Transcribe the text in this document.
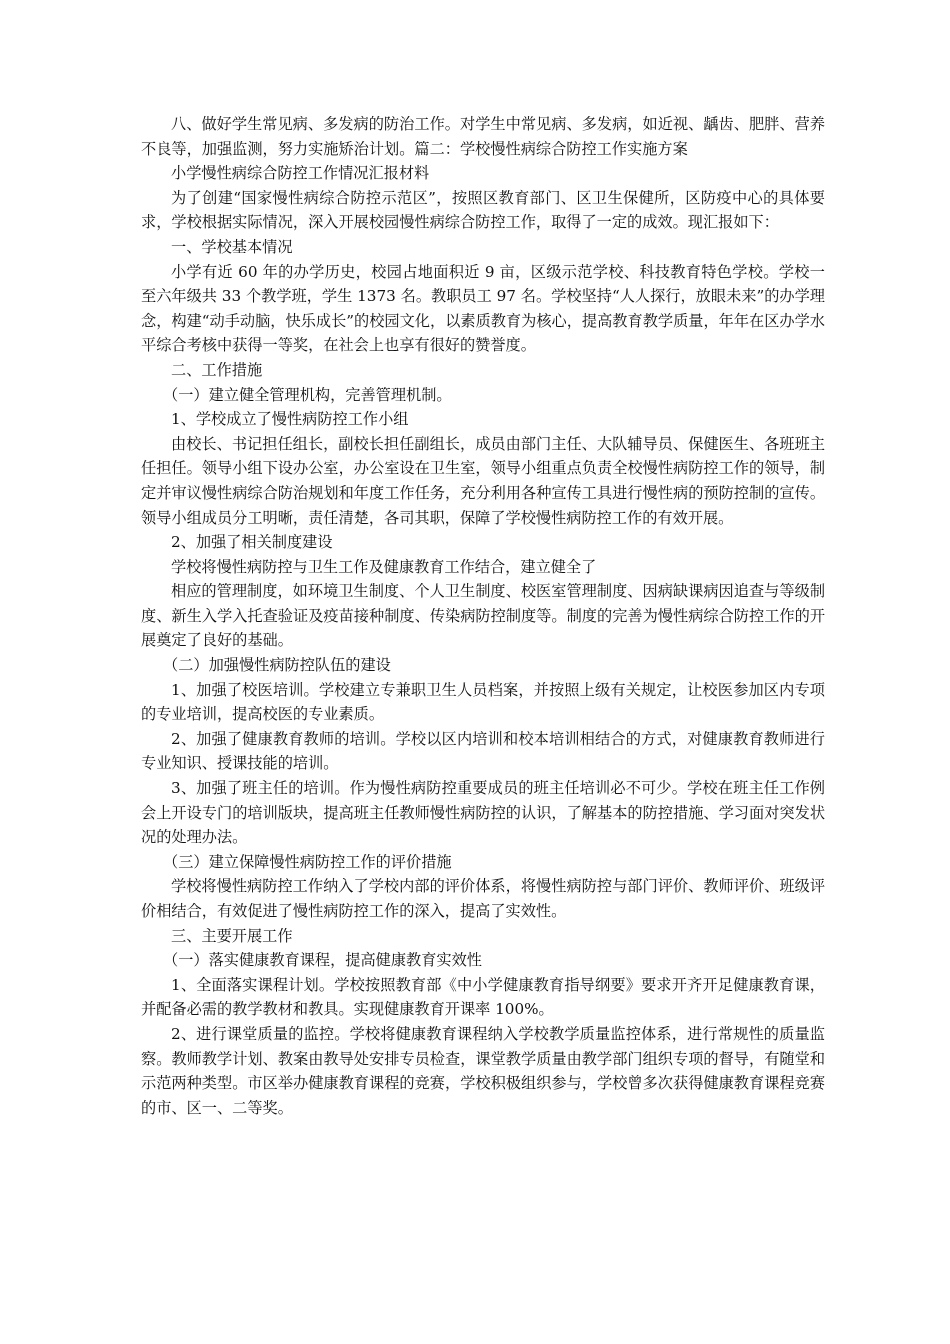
八、做好学生常见病、多发病的防治工作。对学生中常见病、多发病，如近视、龋齿、肥胖、营养不良等，加强监测，努力实施矫治计划。篇二：学校慢性病综合防控工作实施方案

小学慢性病综合防控工作情况汇报材料

为了创建“国家慢性病综合防控示范区”，按照区教育部门、区卫生保健所，区防疫中心的具体要求，学校根据实际情况，深入开展校园慢性病综合防控工作，取得了一定的成效。现汇报如下：

一、学校基本情况

小学有近 60 年的办学历史，校园占地面积近 9 亩，区级示范学校、科技教育特色学校。学校一至六年级共 33 个教学班，学生 1373 名。教职员工 97 名。学校坚持“人人探行，放眼未来”的办学理念，构建“动手动脑，快乐成长”的校园文化，以素质教育为核心，提高教育教学质量，年年在区办学水平综合考核中获得一等奖，在社会上也享有很好的赞誉度。

二、工作措施

（一）建立健全管理机构，完善管理机制。

1、学校成立了慢性病防控工作小组

由校长、书记担任组长，副校长担任副组长，成员由部门主任、大队辅导员、保健医生、各班班主任担任。领导小组下设办公室，办公室设在卫生室，领导小组重点负责全校慢性病防控工作的领导，制定并审议慢性病综合防治规划和年度工作任务，充分利用各种宣传工具进行慢性病的预防控制的宣传。领导小组成员分工明晰，责任清楚，各司其职，保障了学校慢性病防控工作的有效开展。

2、加强了相关制度建设

学校将慢性病防控与卫生工作及健康教育工作结合，建立健全了

相应的管理制度，如环境卫生制度、个人卫生制度、校医室管理制度、因病缺课病因追查与等级制度、新生入学入托查验证及疫苗接种制度、传染病防控制度等。制度的完善为慢性病综合防控工作的开展奠定了良好的基础。

（二）加强慢性病防控队伍的建设

1、加强了校医培训。学校建立专兼职卫生人员档案，并按照上级有关规定，让校医参加区内专项的专业培训，提高校医的专业素质。

2、加强了健康教育教师的培训。学校以区内培训和校本培训相结合的方式，对健康教育教师进行专业知识、授课技能的培训。

3、加强了班主任的培训。作为慢性病防控重要成员的班主任培训必不可少。学校在班主任工作例会上开设专门的培训版块，提高班主任教师慢性病防控的认识，了解基本的防控措施、学习面对突发状况的处理办法。

（三）建立保障慢性病防控工作的评价措施

学校将慢性病防控工作纳入了学校内部的评价体系，将慢性病防控与部门评价、教师评价、班级评价相结合，有效促进了慢性病防控工作的深入，提高了实效性。

三、主要开展工作

（一）落实健康教育课程，提高健康教育实效性

1、全面落实课程计划。学校按照教育部《中小学健康教育指导纲要》要求开齐开足健康教育课，并配备必需的教学教材和教具。实现健康教育开课率 100%。

2、进行课堂质量的监控。学校将健康教育课程纳入学校教学质量监控体系，进行常规性的质量监察。教师教学计划、教案由教导处安排专员检查，课堂教学质量由教学部门组织专项的督导，有随堂和示范两种类型。市区举办健康教育课程的竞赛，学校积极组织参与，学校曾多次获得健康教育课程竞赛的市、区一、二等奖。
